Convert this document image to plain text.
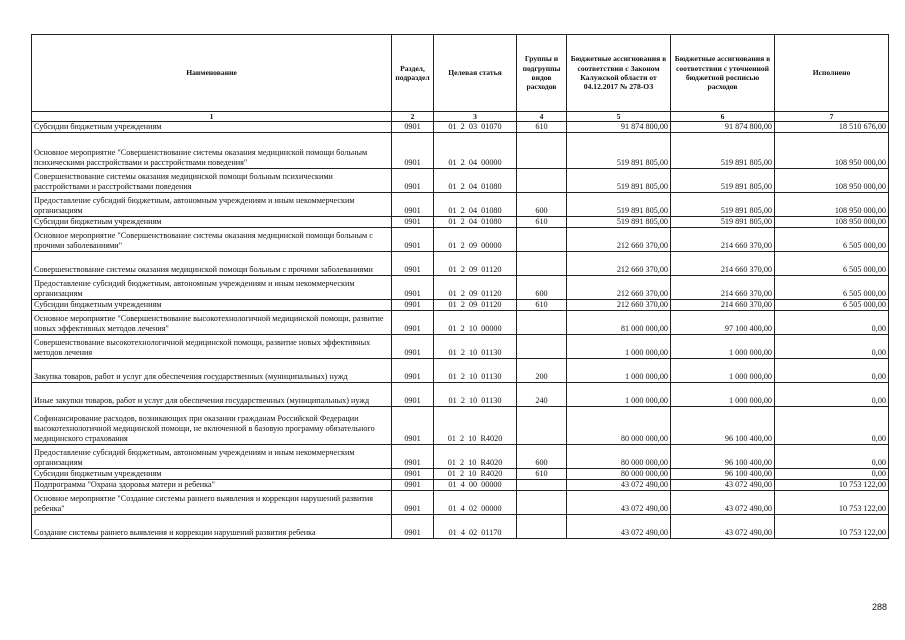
Наименование	Раздел, подраздел	Целевая статья	Группы и подгруппы видов расходов	Бюджетные ассигнования в соответствии с Законом Калужской области от 04.12.2017 № 278-ОЗ	Бюджетные ассигнования в соответствии с уточненной бюджетной росписью расходов	Исполнено
1	2	3	4	5	6	7
Субсидии бюджетным учреждениям	0901	01  2  03  01070	610	91 874 800,00	91 874 800,00	18 510 676,00
Основное мероприятие "Совершенствование системы оказания медицинской помощи больным психическими расстройствами и расстройствами поведения"	0901	01  2  04  00000		519 891 805,00	519 891 805,00	108 950 000,00
Совершенствование системы оказания медицинской помощи больным психическими расстройствами и расстройствами поведения	0901	01  2  04  01080		519 891 805,00	519 891 805,00	108 950 000,00
Предоставление субсидий бюджетным, автономным учреждениям и иным некоммерческим организациям	0901	01  2  04  01080	600	519 891 805,00	519 891 805,00	108 950 000,00
Субсидии бюджетным учреждениям	0901	01  2  04  01080	610	519 891 805,00	519 891 805,00	108 950 000,00
Основное мероприятие "Совершенствование системы оказания медицинской помощи больным с прочими заболеваниями"	0901	01  2  09  00000		212 660 370,00	214 660 370,00	6 505 000,00
Совершенствование системы оказания медицинской помощи больным с прочими заболеваниями	0901	01  2  09  01120		212 660 370,00	214 660 370,00	6 505 000,00
Предоставление субсидий бюджетным, автономным учреждениям и иным некоммерческим организациям	0901	01  2  09  01120	600	212 660 370,00	214 660 370,00	6 505 000,00
Субсидии бюджетным учреждениям	0901	01  2  09  01120	610	212 660 370,00	214 660 370,00	6 505 000,00
Основное мероприятие "Совершенствование высокотехнологичной медицинской помощи, развитие новых эффективных методов лечения"	0901	01  2  10  00000		81 000 000,00	97 100 400,00	0,00
Совершенствование высокотехнологичной медицинской помощи, развитие новых эффективных методов лечения	0901	01  2  10  01130		1 000 000,00	1 000 000,00	0,00
Закупка товаров, работ и услуг для обеспечения государственных (муниципальных) нужд	0901	01  2  10  01130	200	1 000 000,00	1 000 000,00	0,00
Иные закупки товаров, работ и услуг для обеспечения государственных (муниципальных) нужд	0901	01  2  10  01130	240	1 000 000,00	1 000 000,00	0,00
Софинансирование расходов, возникающих при оказании гражданам Российской Федерации высокотехнологичной медицинской помощи, не включенной в базовую программу обязательного медицинского страхования	0901	01  2  10  R4020		80 000 000,00	96 100 400,00	0,00
Предоставление субсидий бюджетным, автономным учреждениям и иным некоммерческим организациям	0901	01  2  10  R4020	600	80 000 000,00	96 100 400,00	0,00
Субсидии бюджетным учреждениям	0901	01  2  10  R4020	610	80 000 000,00	96 100 400,00	0,00
Подпрограмма "Охрана здоровья матери и ребенка"	0901	01  4  00  00000		43 072 490,00	43 072 490,00	10 753 122,00
Основное мероприятие "Создание системы раннего выявления и коррекции нарушений развития ребенка"	0901	01  4  02  00000		43 072 490,00	43 072 490,00	10 753 122,00
Создание системы раннего выявления и коррекции нарушений развития ребенка	0901	01  4  02  01170		43 072 490,00	43 072 490,00	10 753 122,00
288
